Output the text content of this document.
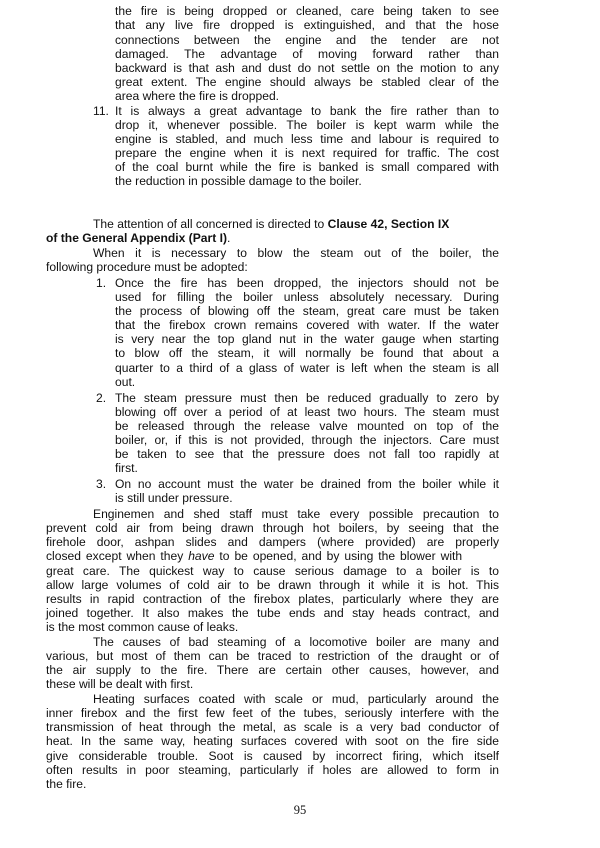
the fire is being dropped or cleaned, care being taken to see
that any live fire dropped is extinguished, and that the hose
connections between the engine and the tender are not
damaged. The advantage of moving forward rather than
backward is that ash and dust do not settle on the motion to any
great extent. The engine should always be stabled clear of the
area where the fire is dropped.
11. It is always a great advantage to bank the fire rather than to
drop it, whenever possible. The boiler is kept warm while the
engine is stabled, and much less time and labour is required to
prepare the engine when it is next required for traffic. The cost
of the coal burnt while the fire is banked is small compared with
the reduction in possible damage to the boiler.
The attention of all concerned is directed to Clause 42, Section IX
of the General Appendix (Part I).
When it is necessary to blow the steam out of the boiler, the
following procedure must be adopted:
1. Once the fire has been dropped, the injectors should not be
used for filling the boiler unless absolutely necessary. During
the process of blowing off the steam, great care must be taken
that the firebox crown remains covered with water. If the water
is very near the top gland nut in the water gauge when starting
to blow off the steam, it will normally be found that about a
quarter to a third of a glass of water is left when the steam is all
out.
2. The steam pressure must then be reduced gradually to zero by
blowing off over a period of at least two hours. The steam must
be released through the release valve mounted on top of the
boiler, or, if this is not provided, through the injectors. Care must
be taken to see that the pressure does not fall too rapidly at
first.
3. On no account must the water be drained from the boiler while it
is still under pressure.
Enginemen and shed staff must take every possible precaution to
prevent cold air from being drawn through hot boilers, by seeing that the
firehole door, ashpan slides and dampers (where provided) are properly
closed except when they have to be opened, and by using the blower with
great care. The quickest way to cause serious damage to a boiler is to
allow large volumes of cold air to be drawn through it while it is hot. This
results in rapid contraction of the firebox plates, particularly where they are
joined together. It also makes the tube ends and stay heads contract, and
is the most common cause of leaks.
The causes of bad steaming of a locomotive boiler are many and
various, but most of them can be traced to restriction of the draught or of
the air supply to the fire. There are certain other causes, however, and
these will be dealt with first.
Heating surfaces coated with scale or mud, particularly around the
inner firebox and the first few feet of the tubes, seriously interfere with the
transmission of heat through the metal, as scale is a very bad conductor of
heat. In the same way, heating surfaces covered with soot on the fire side
give considerable trouble. Soot is caused by incorrect firing, which itself
often results in poor steaming, particularly if holes are allowed to form in
the fire.
95
